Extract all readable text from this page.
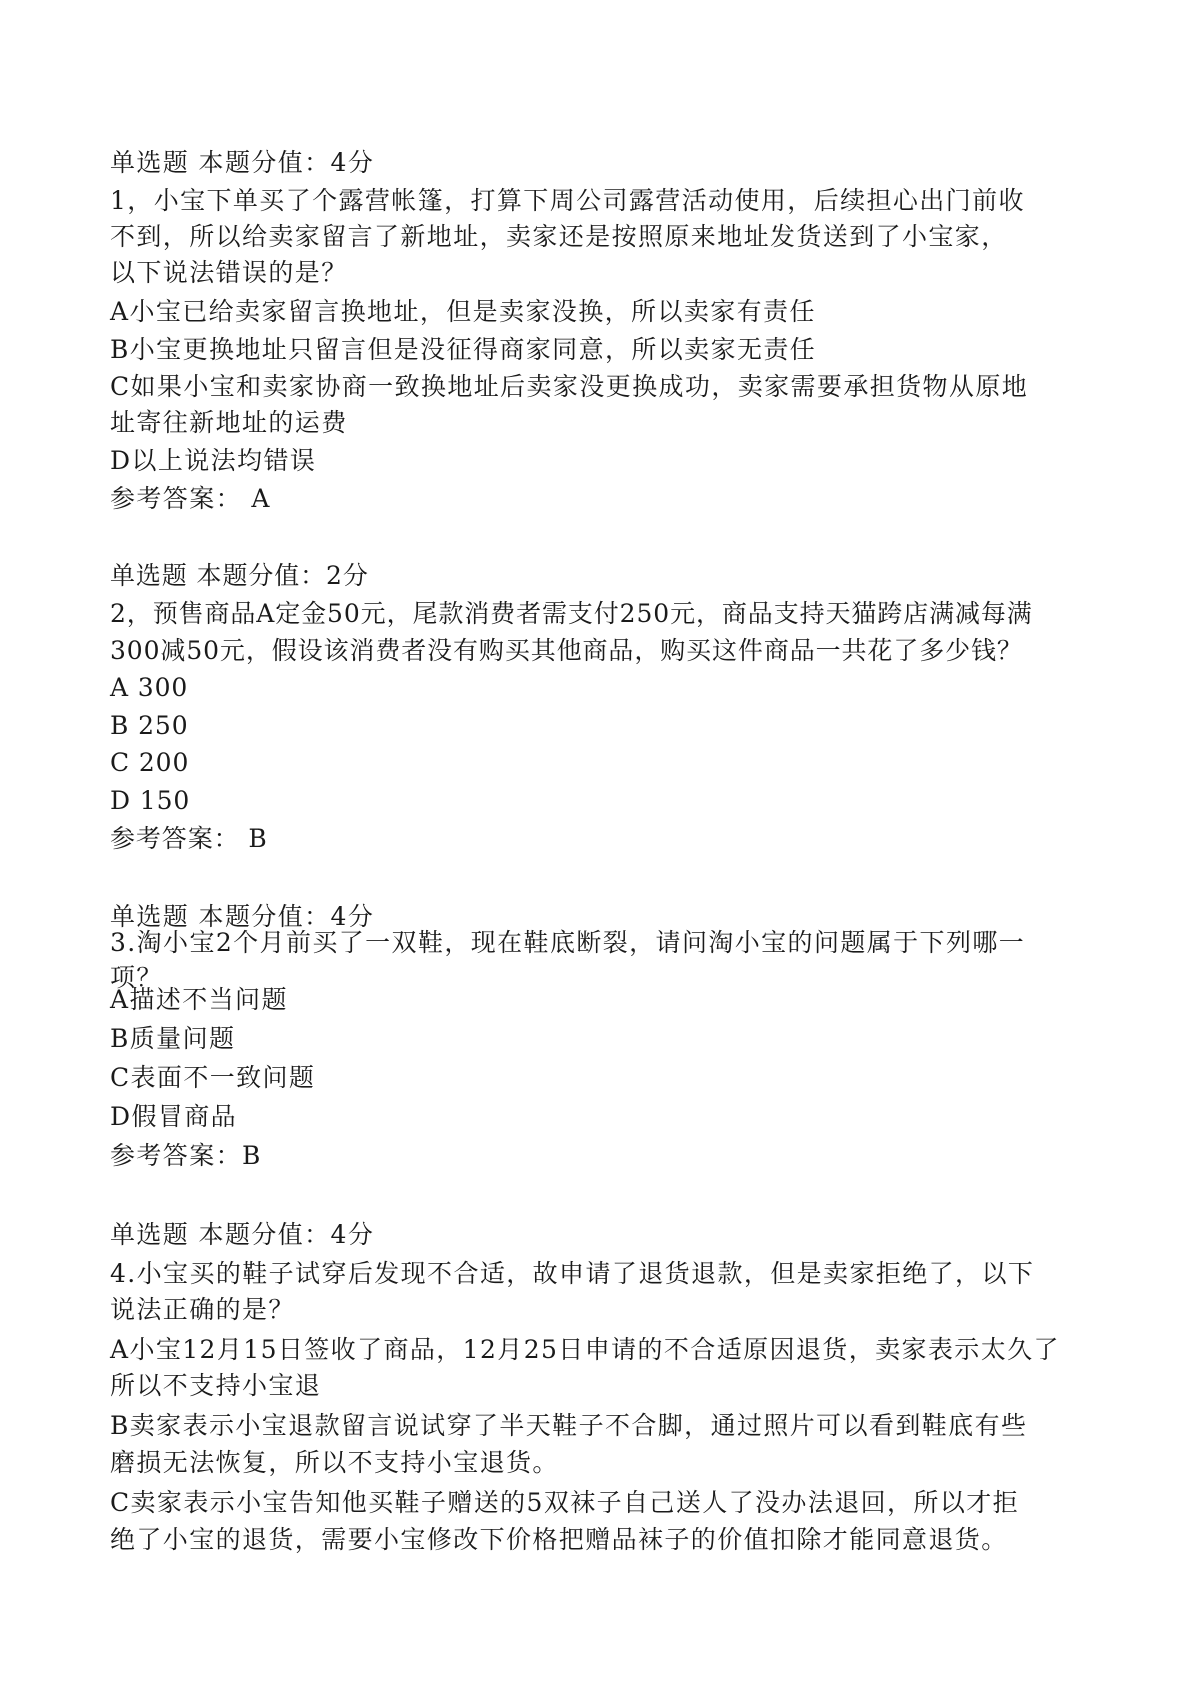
单选题 本题分值：4分
1，小宝下单买了个露营帐篷，打算下周公司露营活动使用，后续担心出门前收
不到，所以给卖家留言了新地址，卖家还是按照原来地址发货送到了小宝家，
以下说法错误的是？
A小宝已给卖家留言换地址，但是卖家没换，所以卖家有责任
B小宝更换地址只留言但是没征得商家同意，所以卖家无责任
C如果小宝和卖家协商一致换地址后卖家没更换成功，卖家需要承担货物从原地
址寄往新地址的运费
D以上说法均错误
参考答案： A
单选题 本题分值：2分
2，预售商品A定金50元，尾款消费者需支付250元，商品支持天猫跨店满减每满
300减50元，假设该消费者没有购买其他商品，购买这件商品一共花了多少钱？
A 300
B 250
C 200
D 150
参考答案： B
单选题 本题分值：4分
3.淘小宝2个月前买了一双鞋，现在鞋底断裂，请问淘小宝的问题属于下列哪一
项？
A描述不当问题
B质量问题
C表面不一致问题
D假冒商品
参考答案：B
单选题 本题分值：4分
4.小宝买的鞋子试穿后发现不合适，故申请了退货退款，但是卖家拒绝了，以下
说法正确的是？
A小宝12月15日签收了商品，12月25日申请的不合适原因退货，卖家表示太久了
所以不支持小宝退
B卖家表示小宝退款留言说试穿了半天鞋子不合脚，通过照片可以看到鞋底有些
磨损无法恢复，所以不支持小宝退货。
C卖家表示小宝告知他买鞋子赠送的5双袜子自己送人了没办法退回，所以才拒
绝了小宝的退货，需要小宝修改下价格把赠品袜子的价值扣除才能同意退货。
